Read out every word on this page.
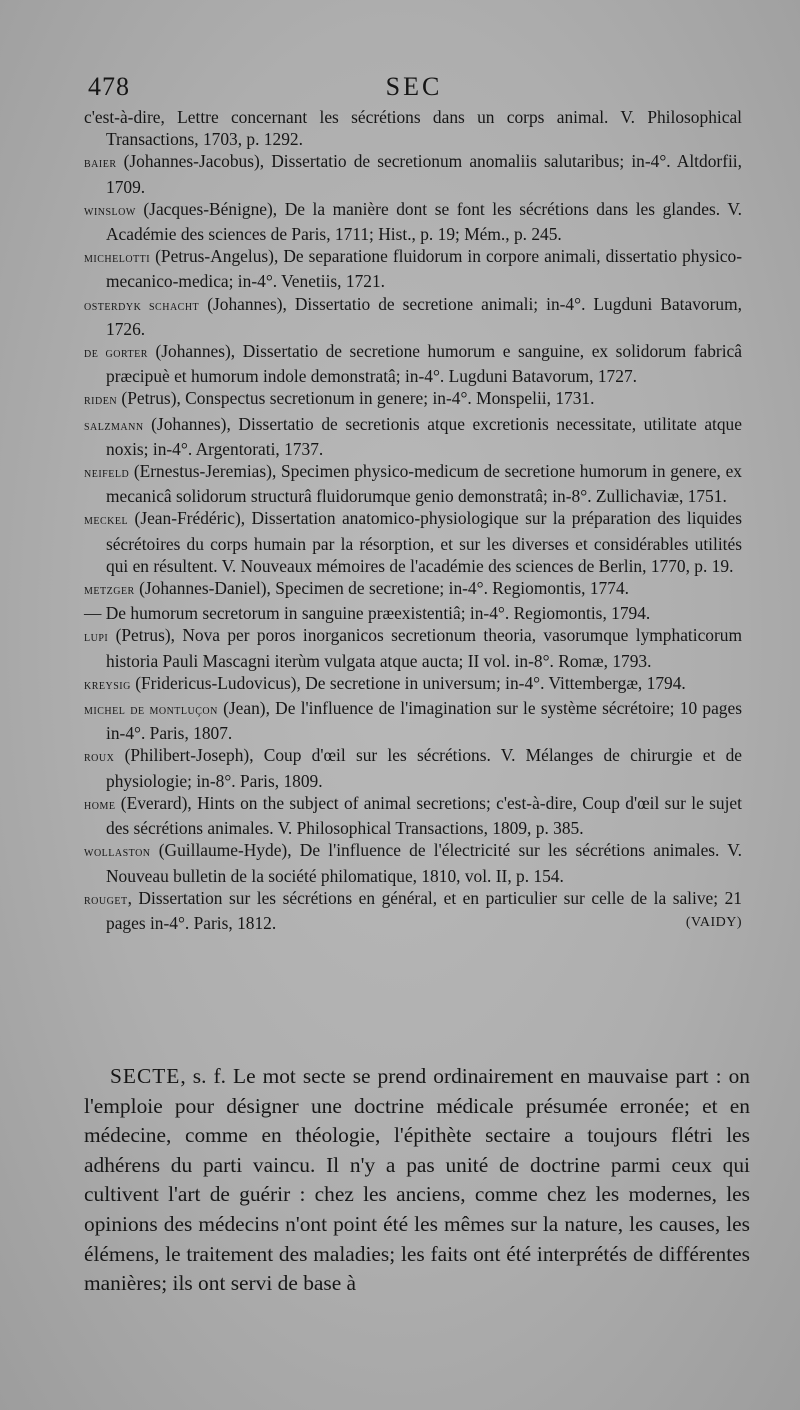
478	SEC

c'est-à-dire, Lettre concernant les sécrétions dans un corps animal. V. Philosophical Transactions, 1703, p. 1292.

baier (Johannes-Jacobus), Dissertatio de secretionum anomaliis salutaribus; in-4°. Altdorfii, 1709.

winslow (Jacques-Bénigne), De la manière dont se font les sécrétions dans les glandes. V. Académie des sciences de Paris, 1711; Hist., p. 19; Mém., p. 245.

michelotti (Petrus-Angelus), De separatione fluidorum in corpore animali, dissertatio physico-mecanico-medica; in-4°. Venetiis, 1721.

osterdyk schacht (Johannes), Dissertatio de secretione animali; in-4°. Lugduni Batavorum, 1726.

de gorter (Johannes), Dissertatio de secretione humorum e sanguine, ex solidorum fabricâ præcipuè et humorum indole demonstratâ; in-4°. Lugduni Batavorum, 1727.

riden (Petrus), Conspectus secretionum in genere; in-4°. Monspelii, 1731.

salzmann (Johannes), Dissertatio de secretionis atque excretionis necessitate, utilitate atque noxis; in-4°. Argentorati, 1737.

neifeld (Ernestus-Jeremias), Specimen physico-medicum de secretione humorum in genere, ex mecanicâ solidorum structurâ fluidorumque genio demonstratâ; in-8°. Zullichaviæ, 1751.

meckel (Jean-Frédéric), Dissertation anatomico-physiologique sur la préparation des liquides sécrétoires du corps humain par la résorption, et sur les diverses et considérables utilités qui en résultent. V. Nouveaux mémoires de l'académie des sciences de Berlin, 1770, p. 19.

metzger (Johannes-Daniel), Specimen de secretione; in-4°. Regiomontis, 1774.

— De humorum secretorum in sanguine præexistentiâ; in-4°. Regiomontis, 1794.

lupi (Petrus), Nova per poros inorganicos secretionum theoria, vasorumque lymphaticorum historia Pauli Mascagni iterùm vulgata atque aucta; II vol. in-8°. Romæ, 1793.

kreysig (Fridericus-Ludovicus), De secretione in universum; in-4°. Vittembergæ, 1794.

michel de montluçon (Jean), De l'influence de l'imagination sur le système sécrétoire; 10 pages in-4°. Paris, 1807.

roux (Philibert-Joseph), Coup d'œil sur les sécrétions. V. Mélanges de chirurgie et de physiologie; in-8°. Paris, 1809.

home (Everard), Hints on the subject of animal secretions; c'est-à-dire, Coup d'œil sur le sujet des sécrétions animales. V. Philosophical Transactions, 1809, p. 385.

wollaston (Guillaume-Hyde), De l'influence de l'électricité sur les sécrétions animales. V. Nouveau bulletin de la société philomatique, 1810, vol. II, p. 154.

rouget, Dissertation sur les sécrétions en général, et en particulier sur celle de la salive; 21 pages in-4°. Paris, 1812.	(VAIDY)

SECTE, s. f. Le mot secte se prend ordinairement en mauvaise part : on l'emploie pour désigner une doctrine médicale présumée erronée; et en médecine, comme en théologie, l'épithète sectaire a toujours flétri les adhérens du parti vaincu. Il n'y a pas unité de doctrine parmi ceux qui cultivent l'art de guérir : chez les anciens, comme chez les modernes, les opinions des médecins n'ont point été les mêmes sur la nature, les causes, les élémens, le traitement des maladies; les faits ont été interprétés de différentes manières; ils ont servi de base à
